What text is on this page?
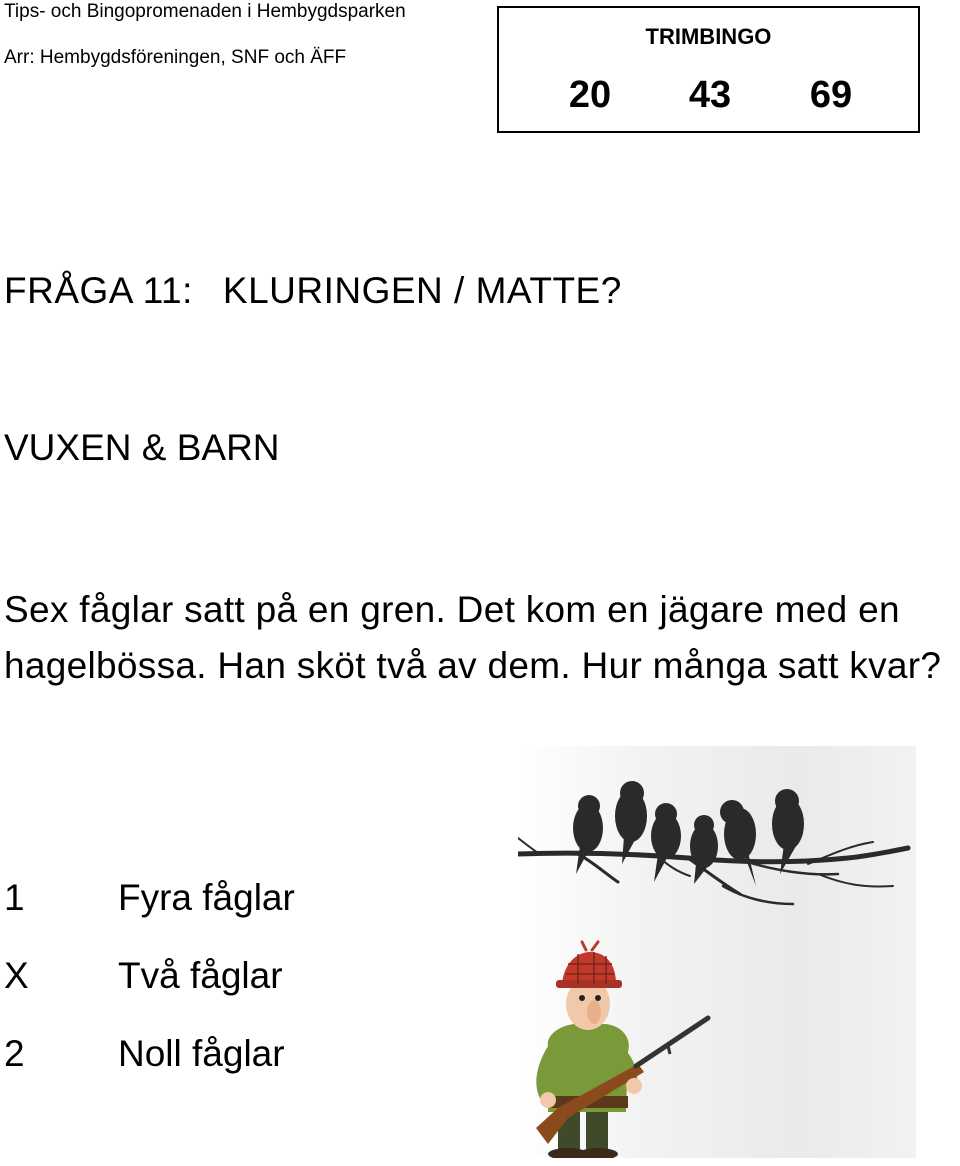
Tips- och Bingopromenaden i Hembygdsparken
Arr: Hembygdsföreningen, SNF och ÄFF
TRIMBINGO
20	43	69
FRÅGA 11: KLURINGEN / MATTE?
VUXEN & BARN
Sex fåglar satt på en gren. Det kom en jägare med en hagelbössa. Han sköt två av dem. Hur många satt kvar?
1	Fyra fåglar
X Två fåglar
2	Noll fåglar
